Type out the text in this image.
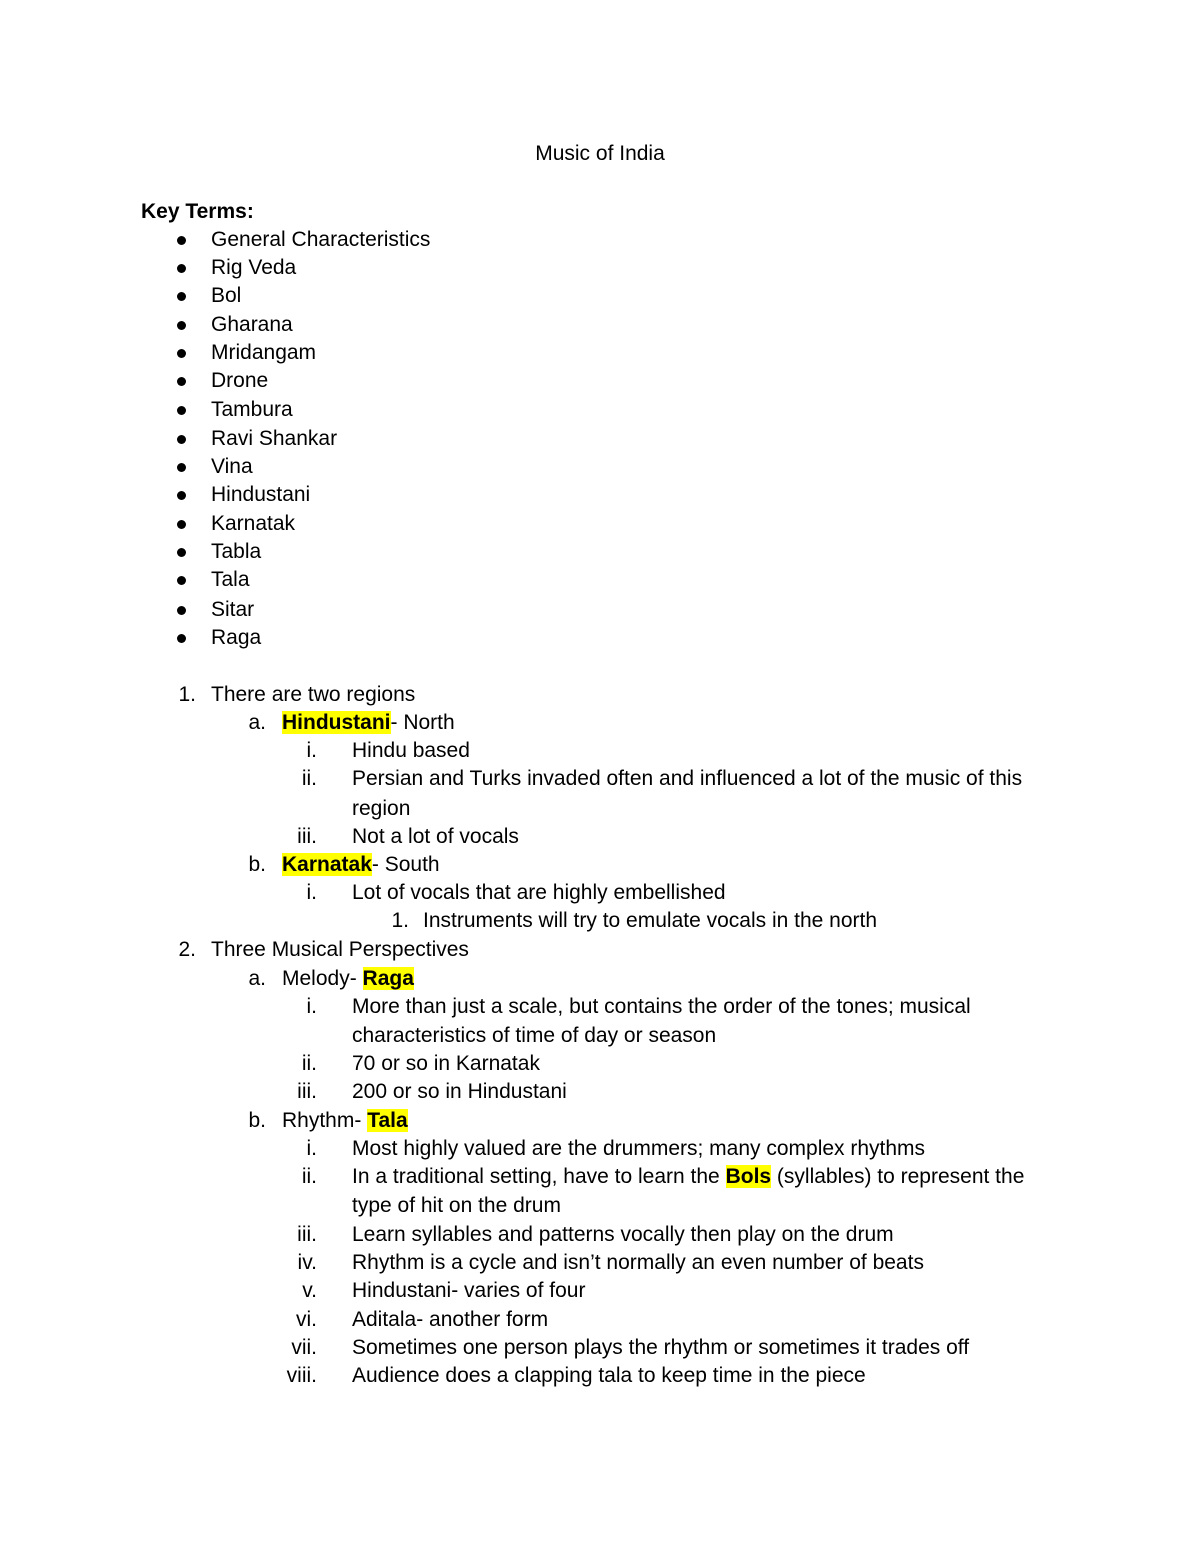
Music of India
Key Terms:
General Characteristics
Rig Veda
Bol
Gharana
Mridangam
Drone
Tambura
Ravi Shankar
Vina
Hindustani
Karnatak
Tabla
Tala
Sitar
Raga
1. There are two regions
a. Hindustani- North
i. Hindu based
ii. Persian and Turks invaded often and influenced a lot of the music of this
region
iii. Not a lot of vocals
b. Karnatak- South
i. Lot of vocals that are highly embellished
1. Instruments will try to emulate vocals in the north
2. Three Musical Perspectives
a. Melody- Raga
i. More than just a scale, but contains the order of the tones; musical
characteristics of time of day or season
ii. 70 or so in Karnatak
iii. 200 or so in Hindustani
b. Rhythm- Tala
i. Most highly valued are the drummers; many complex rhythms
ii. In a traditional setting, have to learn the Bols (syllables) to represent the
type of hit on the drum
iii. Learn syllables and patterns vocally then play on the drum
iv. Rhythm is a cycle and isn’t normally an even number of beats
v. Hindustani- varies of four
vi. Aditala- another form
vii. Sometimes one person plays the rhythm or sometimes it trades off
viii. Audience does a clapping tala to keep time in the piece
